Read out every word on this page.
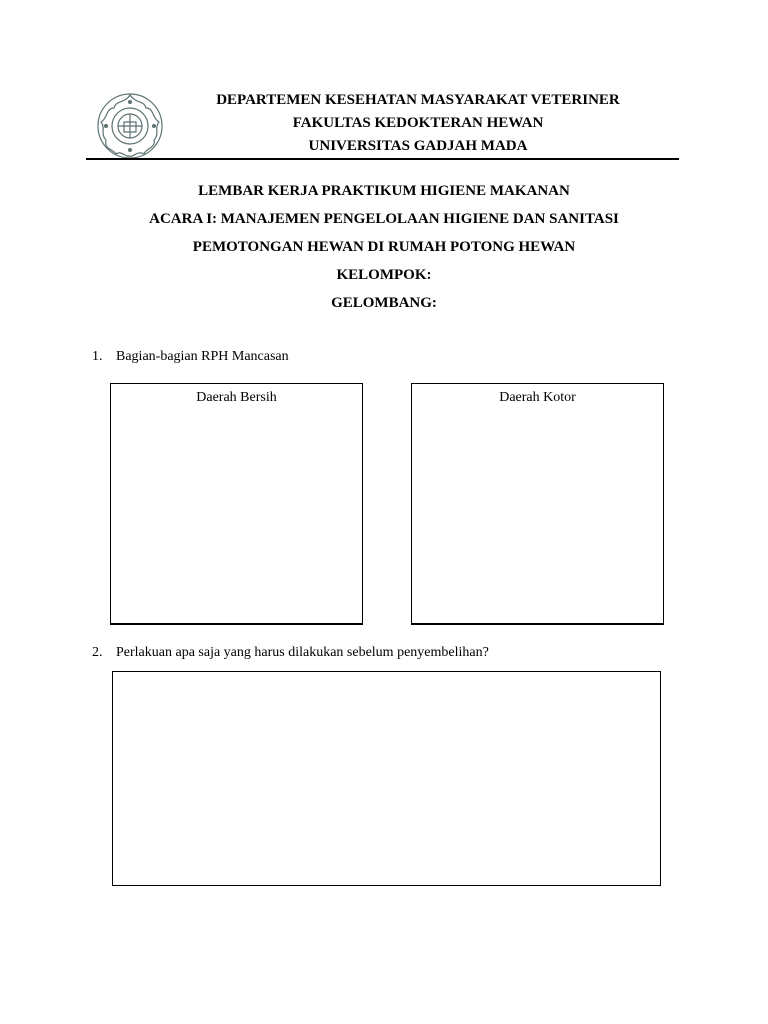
DEPARTEMEN KESEHATAN MASYARAKAT VETERINER
FAKULTAS KEDOKTERAN HEWAN
UNIVERSITAS GADJAH MADA
LEMBAR KERJA PRAKTIKUM HIGIENE MAKANAN
ACARA I: MANAJEMEN PENGELOLAAN HIGIENE DAN SANITASI
PEMOTONGAN HEWAN DI RUMAH POTONG HEWAN
KELOMPOK:
GELOMBANG:
1. Bagian-bagian RPH Mancasan
Daerah Bersih	Daerah Kotor
2. Perlakuan apa saja yang harus dilakukan sebelum penyembelihan?
